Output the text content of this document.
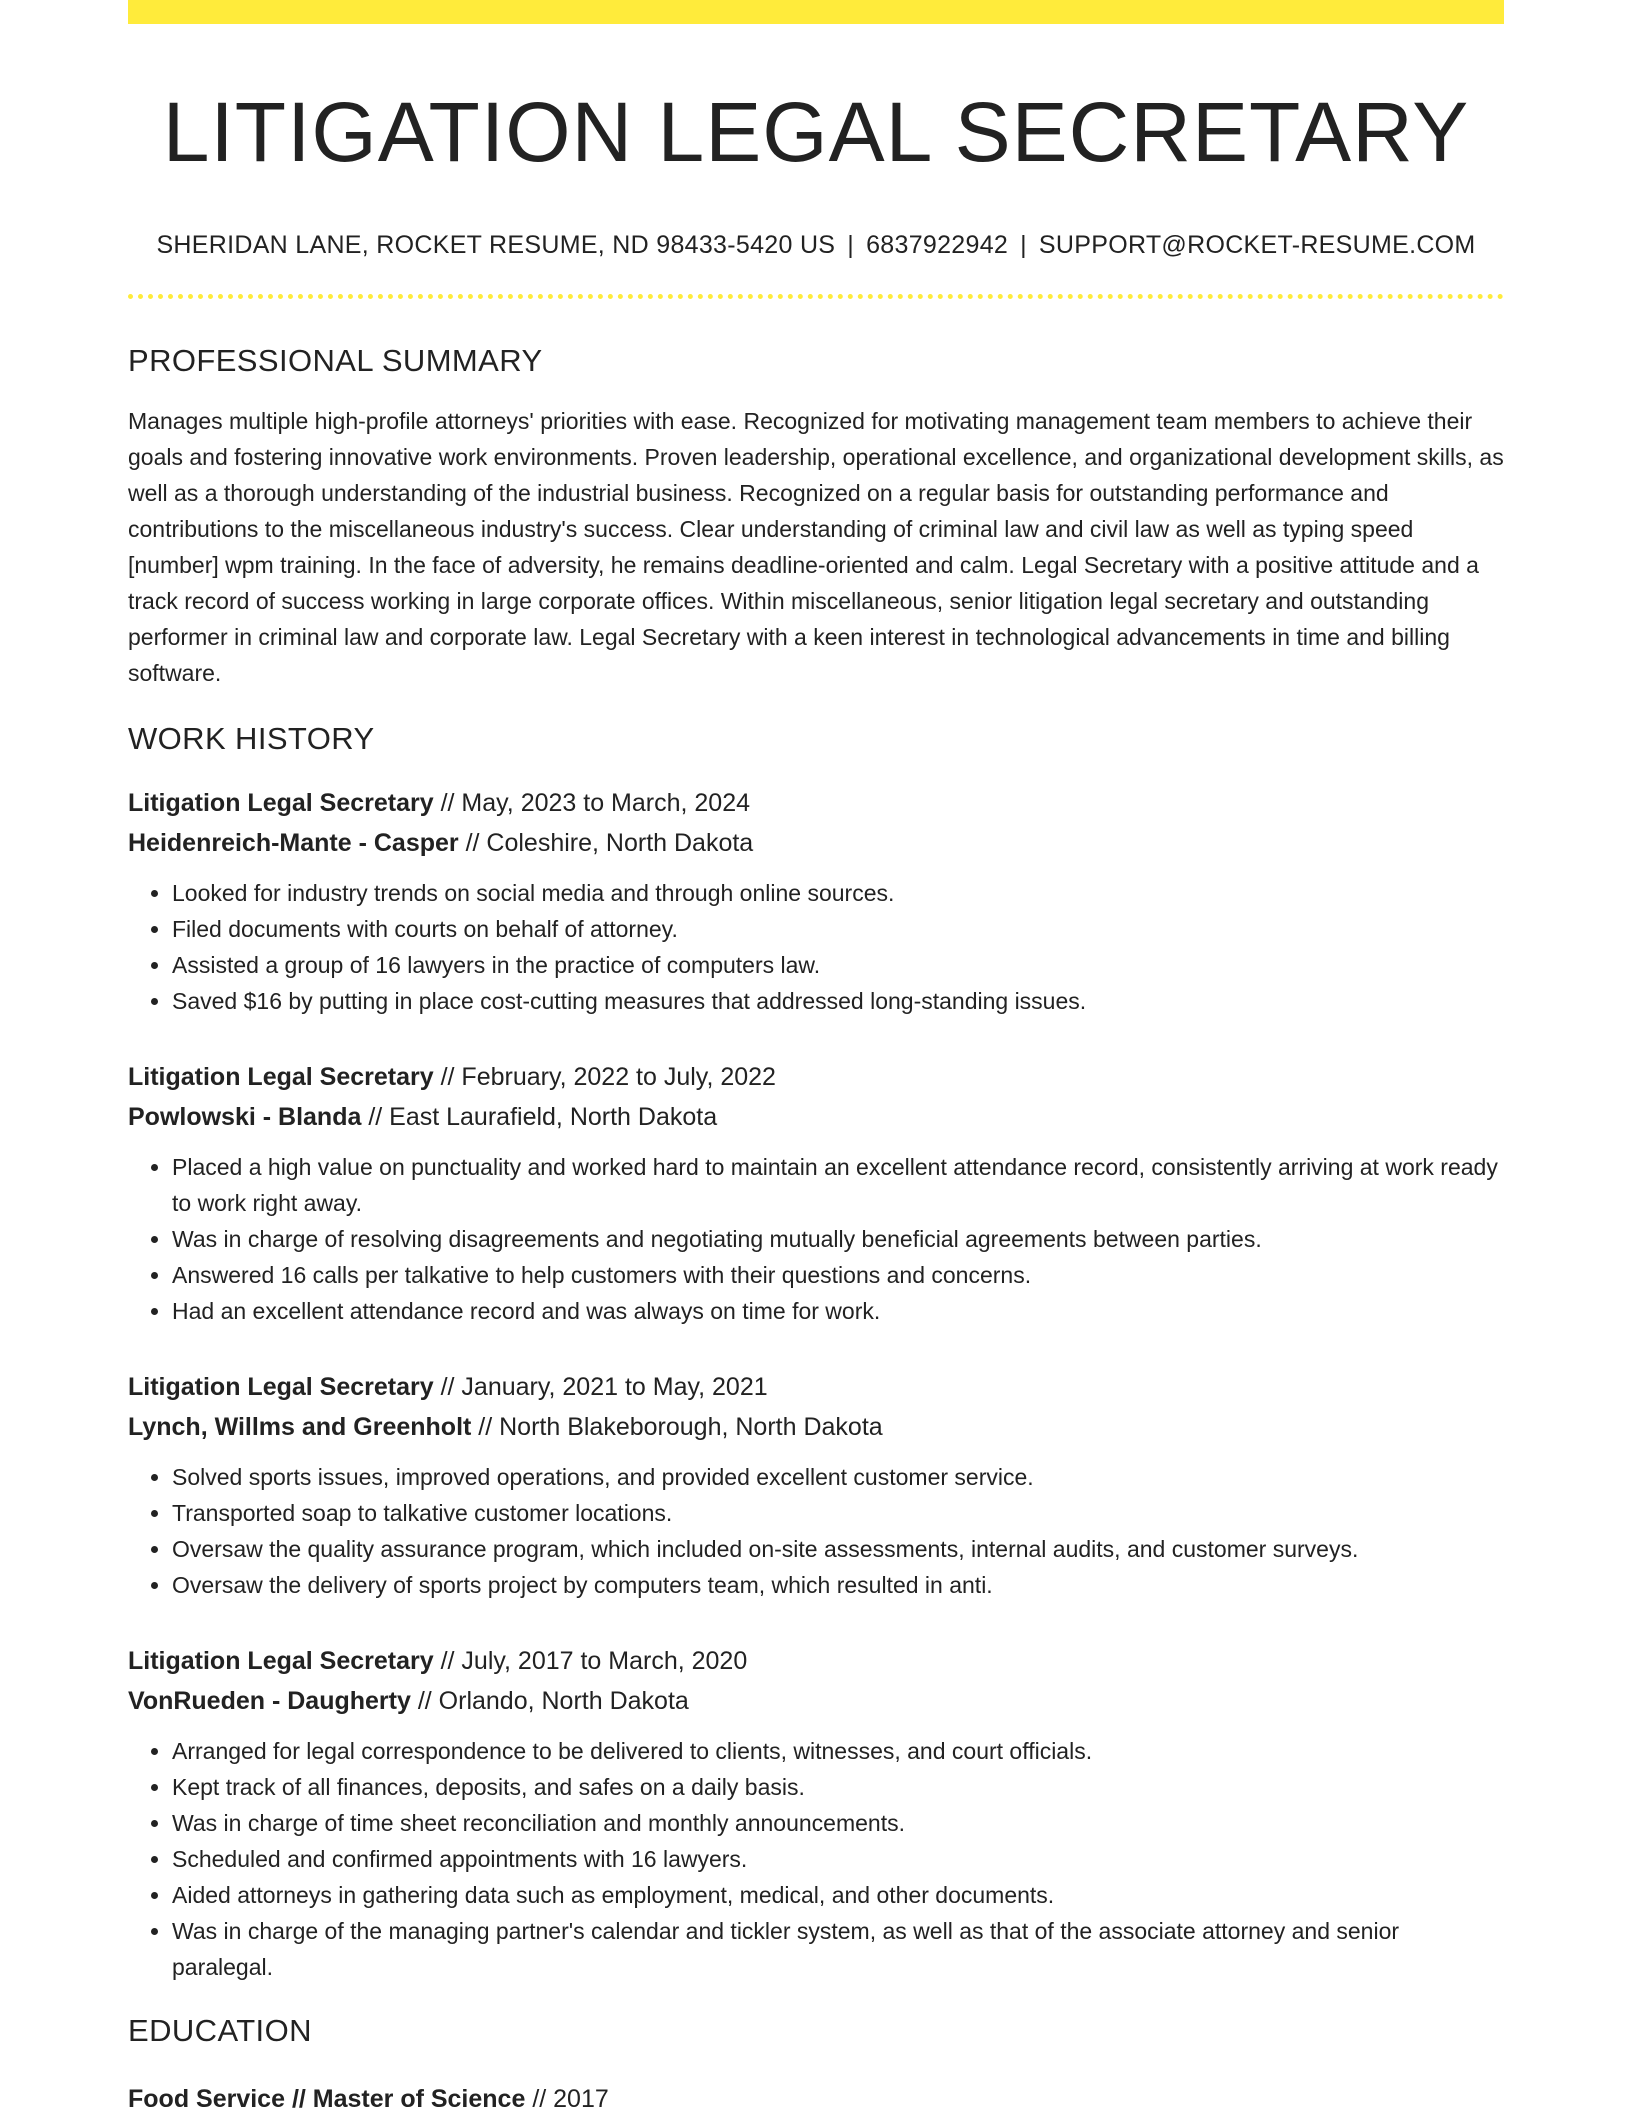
LITIGATION LEGAL SECRETARY
SHERIDAN LANE, ROCKET RESUME, ND 98433-5420 US | 6837922942 | SUPPORT@ROCKET-RESUME.COM
PROFESSIONAL SUMMARY

Manages multiple high-profile attorneys' priorities with ease. Recognized for motivating management team members to achieve their goals and fostering innovative work environments. Proven leadership, operational excellence, and organizational development skills, as well as a thorough understanding of the industrial business. Recognized on a regular basis for outstanding performance and contributions to the miscellaneous industry's success. Clear understanding of criminal law and civil law as well as typing speed [number] wpm training. In the face of adversity, he remains deadline-oriented and calm. Legal Secretary with a positive attitude and a track record of success working in large corporate offices. Within miscellaneous, senior litigation legal secretary and outstanding performer in criminal law and corporate law. Legal Secretary with a keen interest in technological advancements in time and billing software.

WORK HISTORY
Litigation Legal Secretary // May, 2023 to March, 2024
Heidenreich-Mante - Casper // Coleshire, North Dakota
• Looked for industry trends on social media and through online sources.
• Filed documents with courts on behalf of attorney.
• Assisted a group of 16 lawyers in the practice of computers law.
• Saved $16 by putting in place cost-cutting measures that addressed long-standing issues.
Litigation Legal Secretary // February, 2022 to July, 2022
Powlowski - Blanda // East Laurafield, North Dakota
• Placed a high value on punctuality and worked hard to maintain an excellent attendance record, consistently arriving at work ready to work right away.
• Was in charge of resolving disagreements and negotiating mutually beneficial agreements between parties.
• Answered 16 calls per talkative to help customers with their questions and concerns.
• Had an excellent attendance record and was always on time for work.
Litigation Legal Secretary // January, 2021 to May, 2021
Lynch, Willms and Greenholt // North Blakeborough, North Dakota
• Solved sports issues, improved operations, and provided excellent customer service.
• Transported soap to talkative customer locations.
• Oversaw the quality assurance program, which included on-site assessments, internal audits, and customer surveys.
• Oversaw the delivery of sports project by computers team, which resulted in anti.
Litigation Legal Secretary // July, 2017 to March, 2020
VonRueden - Daugherty // Orlando, North Dakota
• Arranged for legal correspondence to be delivered to clients, witnesses, and court officials.
• Kept track of all finances, deposits, and safes on a daily basis.
• Was in charge of time sheet reconciliation and monthly announcements.
• Scheduled and confirmed appointments with 16 lawyers.
• Aided attorneys in gathering data such as employment, medical, and other documents.
• Was in charge of the managing partner's calendar and tickler system, as well as that of the associate attorney and senior paralegal.
EDUCATION
Food Service // Master of Science // 2017
